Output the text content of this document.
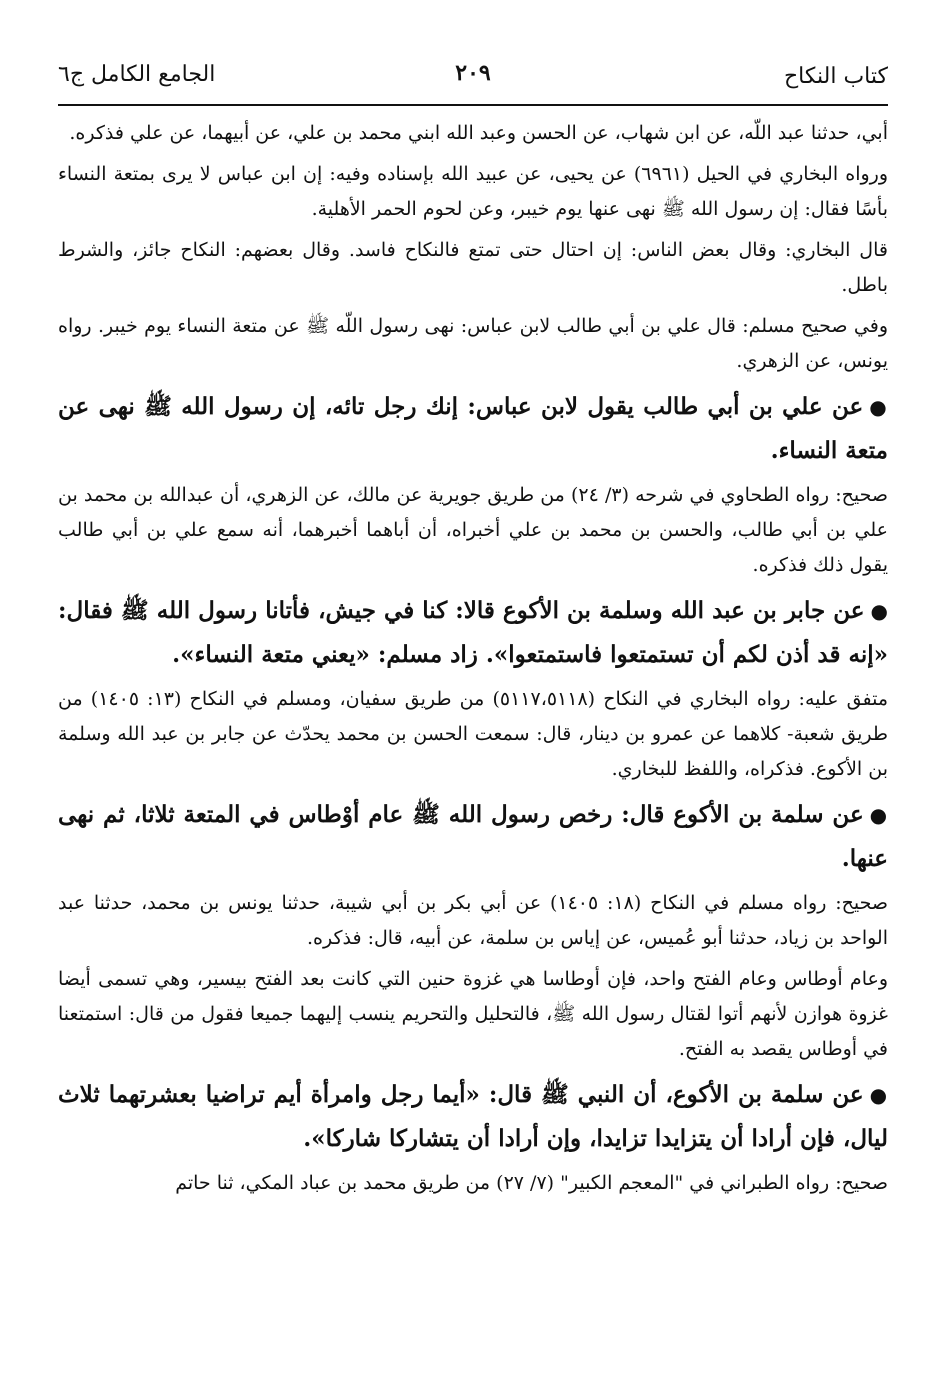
كتاب النكاح
٢٠٩
الجامع الكامل ج٦

أبي، حدثنا عبد اللّه، عن ابن شهاب، عن الحسن وعبد الله ابني محمد بن علي، عن أبيهما، عن علي فذكره.

ورواه البخاري في الحيل (٦٩٦١) عن يحيى، عن عبيد الله بإسناده وفيه: إن ابن عباس لا يرى بمتعة النساء بأسًا فقال: إن رسول الله ﷺ نهى عنها يوم خيبر، وعن لحوم الحمر الأهلية.

قال البخاري: وقال بعض الناس: إن احتال حتى تمتع فالنكاح فاسد. وقال بعضهم: النكاح جائز، والشرط باطل.

وفي صحيح مسلم: قال علي بن أبي طالب لابن عباس: نهى رسول اللّه ﷺ عن متعة النساء يوم خيبر. رواه يونس، عن الزهري.

●عن علي بن أبي طالب يقول لابن عباس: إنك رجل تائه، إن رسول الله ﷺ نهى عن متعة النساء.

صحيح: رواه الطحاوي في شرحه (٣/ ٢٤) من طريق جويرية عن مالك، عن الزهري، أن عبدالله بن محمد بن علي بن أبي طالب، والحسن بن محمد بن علي أخبراه، أن أباهما أخبرهما، أنه سمع علي بن أبي طالب يقول ذلك فذكره.

●عن جابر بن عبد الله وسلمة بن الأكوع قالا: كنا في جيش، فأتانا رسول الله ﷺ فقال: «إنه قد أذن لكم أن تستمتعوا فاستمتعوا». زاد مسلم: «يعني متعة النساء».

متفق عليه: رواه البخاري في النكاح (٥١١٧،٥١١٨) من طريق سفيان، ومسلم في النكاح (١٣: ١٤٠٥) من طريق شعبة- كلاهما عن عمرو بن دينار، قال: سمعت الحسن بن محمد يحدّث عن جابر بن عبد الله وسلمة بن الأكوع. فذكراه، واللفظ للبخاري.

●عن سلمة بن الأكوع قال: رخص رسول الله ﷺ عام أوْطاس في المتعة ثلاثا، ثم نهى عنها.

صحيح: رواه مسلم في النكاح (١٨: ١٤٠٥) عن أبي بكر بن أبي شيبة، حدثنا يونس بن محمد، حدثنا عبد الواحد بن زياد، حدثنا أبو عُميس، عن إياس بن سلمة، عن أبيه، قال: فذكره.

وعام أوطاس وعام الفتح واحد، فإن أوطاسا هي غزوة حنين التي كانت بعد الفتح بيسير، وهي تسمى أيضا غزوة هوازن لأنهم أتوا لقتال رسول الله ﷺ، فالتحليل والتحريم ينسب إليهما جميعا فقول من قال: استمتعنا في أوطاس يقصد به الفتح.

●عن سلمة بن الأكوع، أن النبي ﷺ قال: «أيما رجل وامرأة أيم تراضيا بعشرتهما ثلاث ليال، فإن أرادا أن يتزايدا تزايدا، وإن أرادا أن يتشاركا شاركا».

صحيح: رواه الطبراني في "المعجم الكبير" (٧/ ٢٧) من طريق محمد بن عباد المكي، ثنا حاتم
